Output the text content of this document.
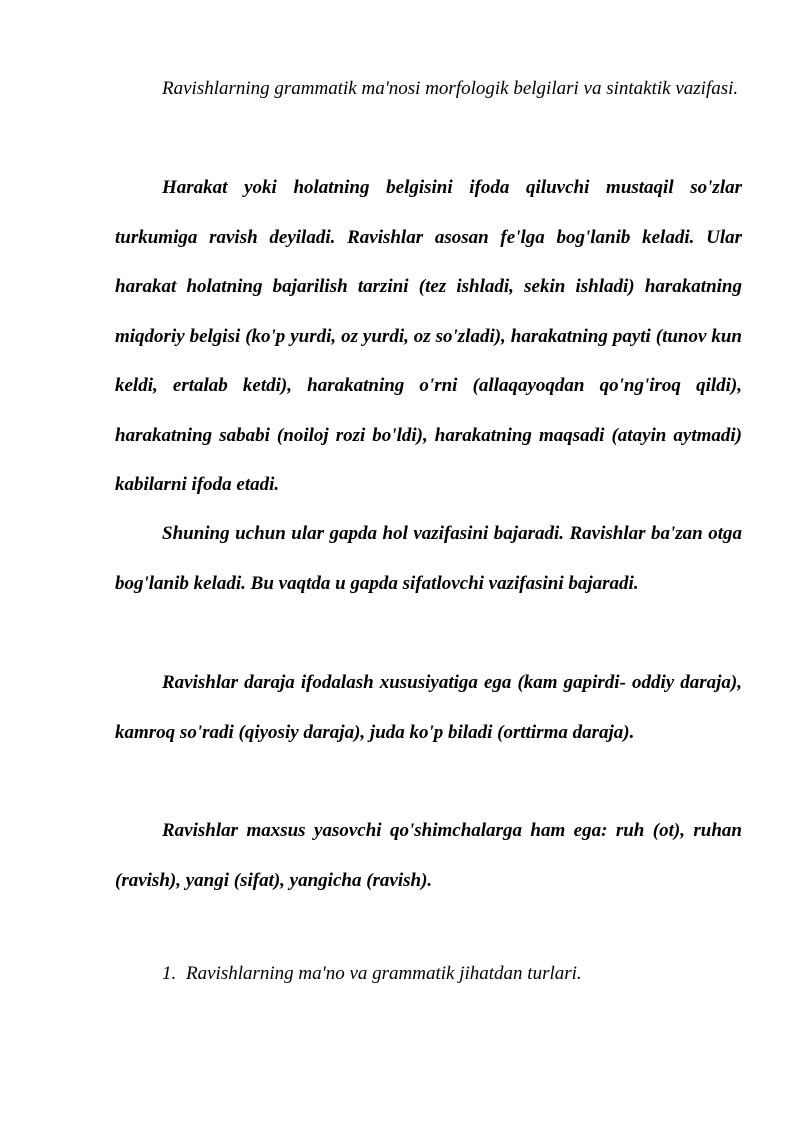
Ravishlarning grammatik ma'nosi morfologik belgilari va sintaktik vazifasi.

Harakat yoki holatning belgisini ifoda qiluvchi mustaqil so'zlar turkumiga ravish deyiladi. Ravishlar asosan fe'lga bog'lanib keladi. Ular harakat holatning bajarilish tarzini (tez ishladi, sekin ishladi) harakatning miqdoriy belgisi (ko'p yurdi, oz yurdi, oz so'zladi), harakatning payti (tunov kun keldi, ertalab ketdi), harakatning o'rni (allaqayoqdan qo'ng'iroq qildi), harakatning sababi (noiloj rozi bo'ldi), harakatning maqsadi (atayin aytmadi) kabilarni ifoda etadi.

Shuning uchun ular gapda hol vazifasini bajaradi. Ravishlar ba'zan otga bog'lanib keladi. Bu vaqtda u gapda sifatlovchi vazifasini bajaradi.

Ravishlar daraja ifodalash xususiyatiga ega (kam gapirdi- oddiy daraja), kamroq so'radi (qiyosiy daraja), juda ko'p biladi (orttirma daraja).

Ravishlar maxsus yasovchi qo'shimchalarga ham ega: ruh (ot), ruhan (ravish), yangi (sifat), yangicha (ravish).

1. Ravishlarning ma'no va grammatik jihatdan turlari.
